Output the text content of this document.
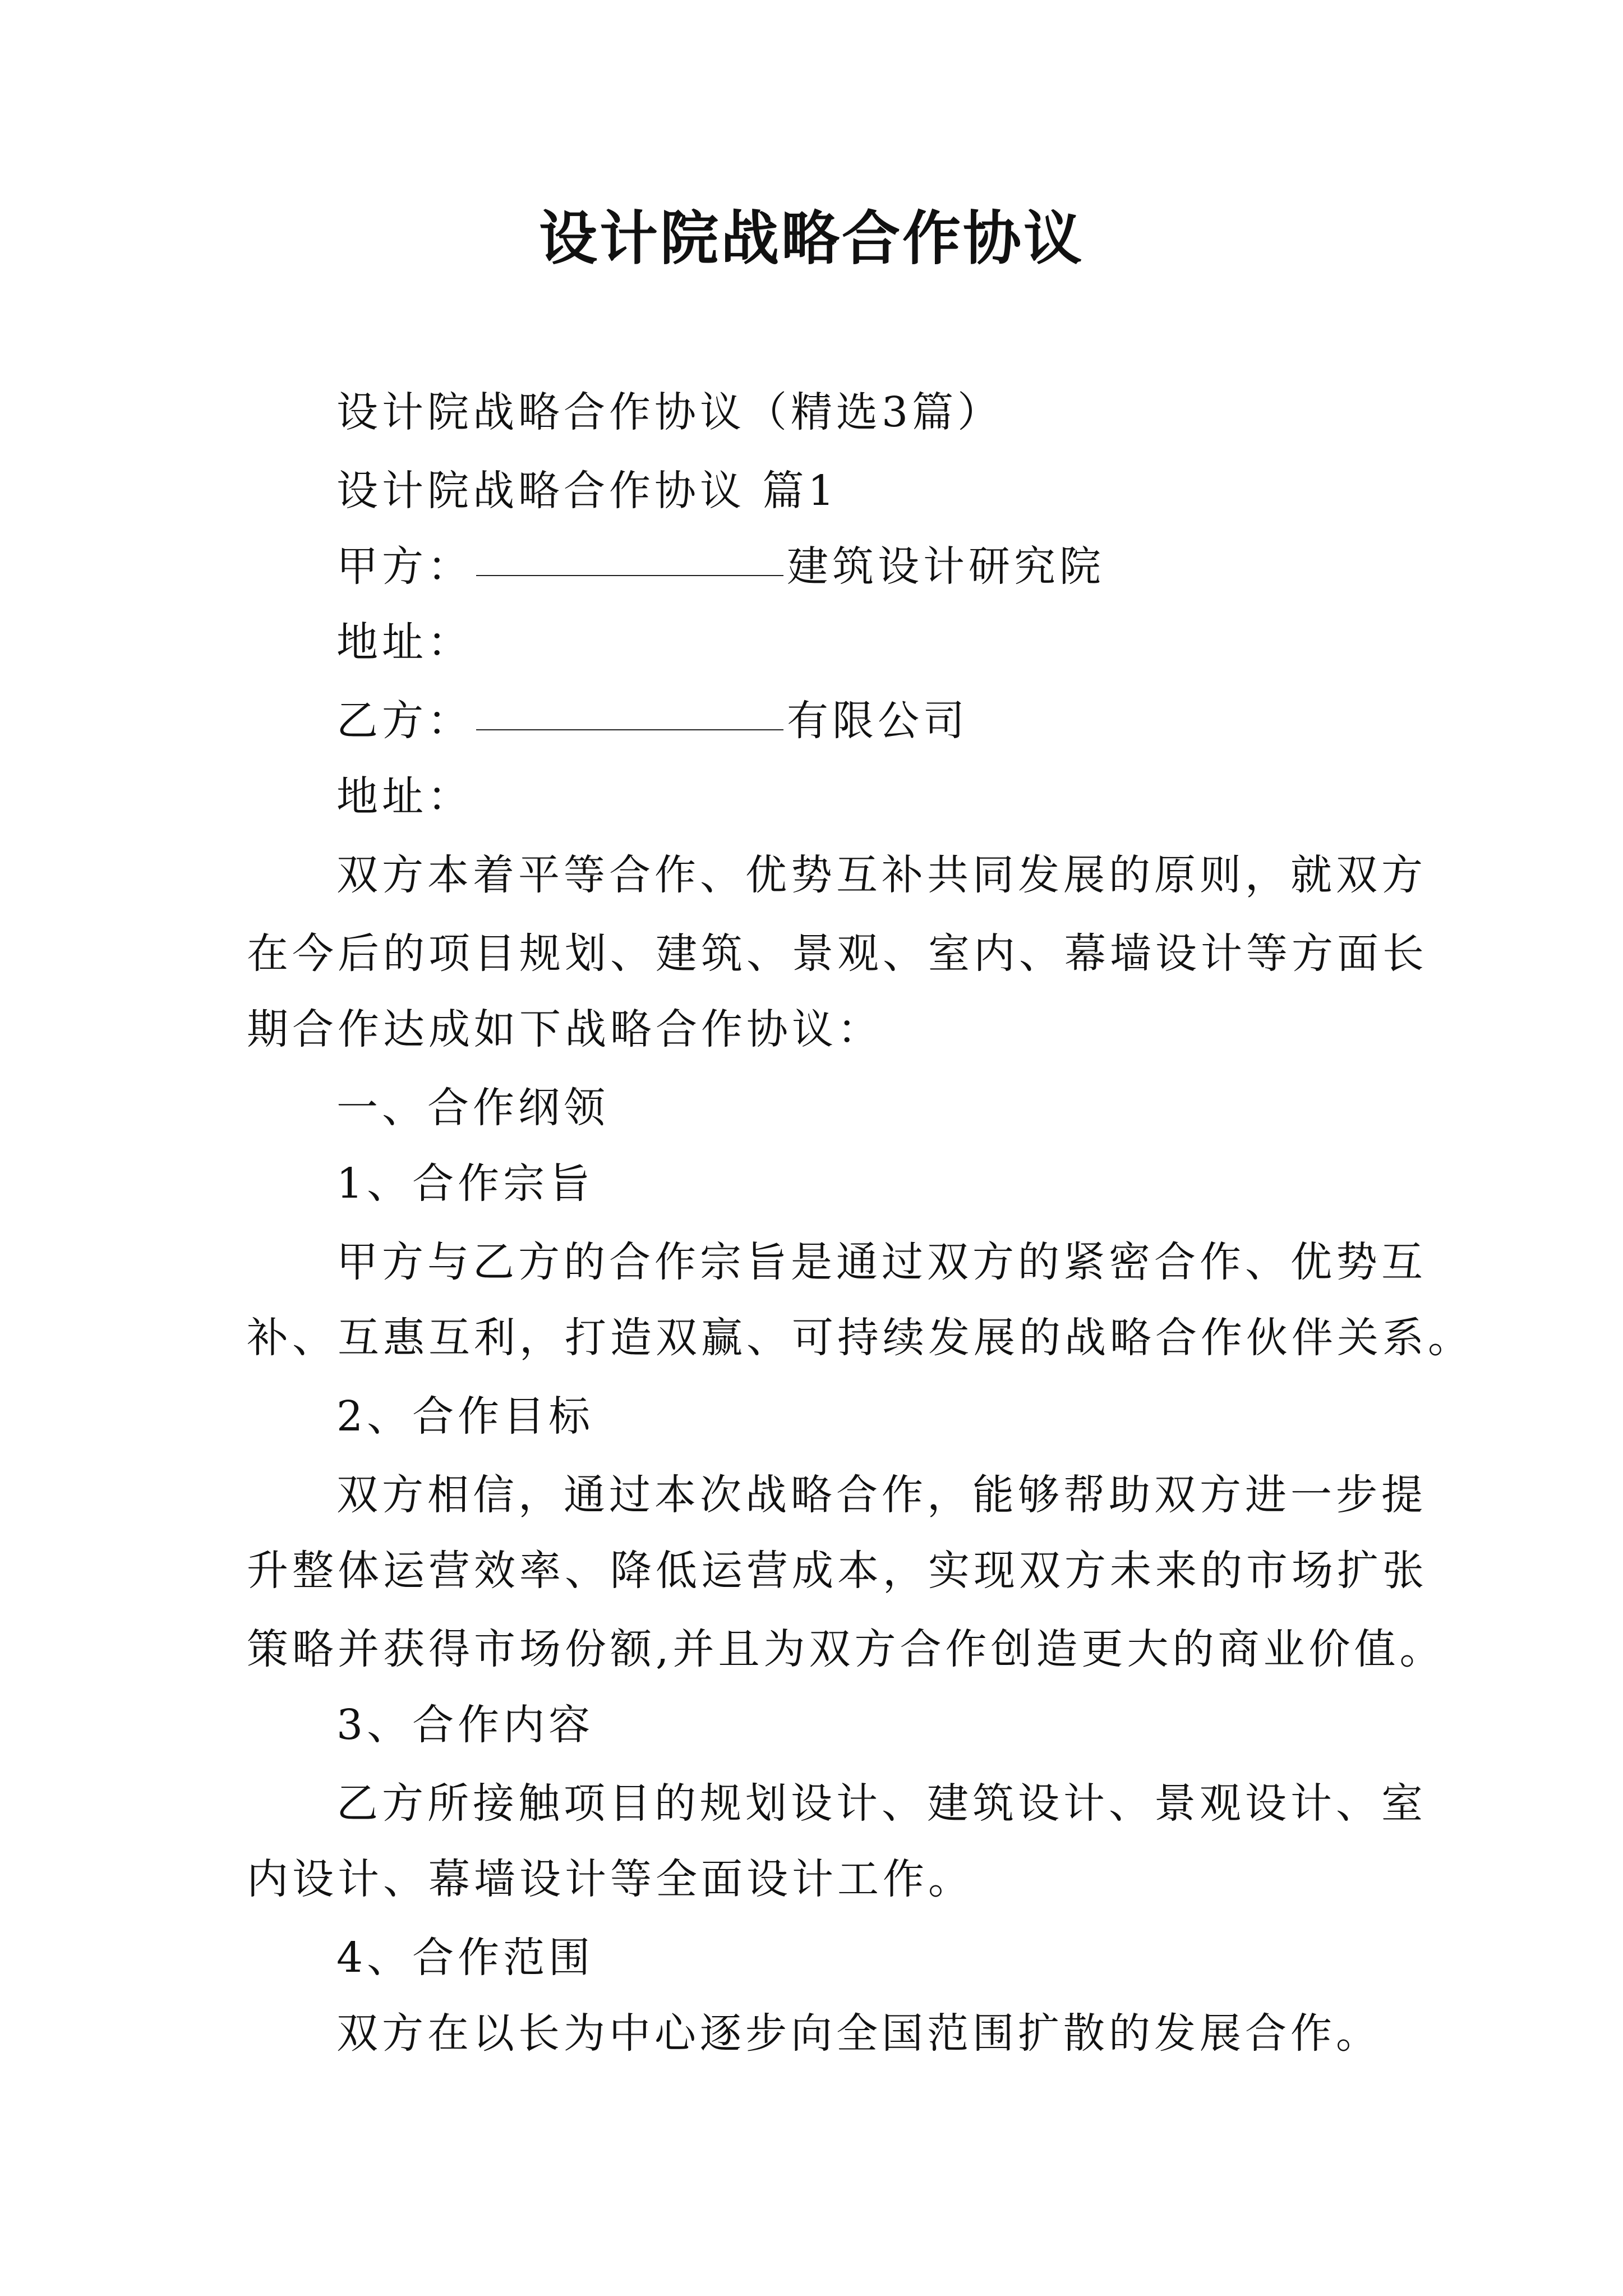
设计院战略合作协议
设计院战略合作协议（精选3篇）
设计院战略合作协议 篇1
甲方：	建筑设计研究院
地址：
乙方：	有限公司
地址：
双方本着平等合作、优势互补共同发展的原则，就双方
在今后的项目规划、建筑、景观、室内、幕墙设计等方面长
期合作达成如下战略合作协议：
一、合作纲领
1、合作宗旨
甲方与乙方的合作宗旨是通过双方的紧密合作、优势互
补、互惠互利，打造双赢、可持续发展的战略合作伙伴关系。
2、合作目标
双方相信，通过本次战略合作，能够帮助双方进一步提
升整体运营效率、降低运营成本，实现双方未来的市场扩张
策略并获得市场份额,并且为双方合作创造更大的商业价值。
3、合作内容
乙方所接触项目的规划设计、建筑设计、景观设计、室
内设计、幕墙设计等全面设计工作。
4、合作范围
双方在以长为中心逐步向全国范围扩散的发展合作。
